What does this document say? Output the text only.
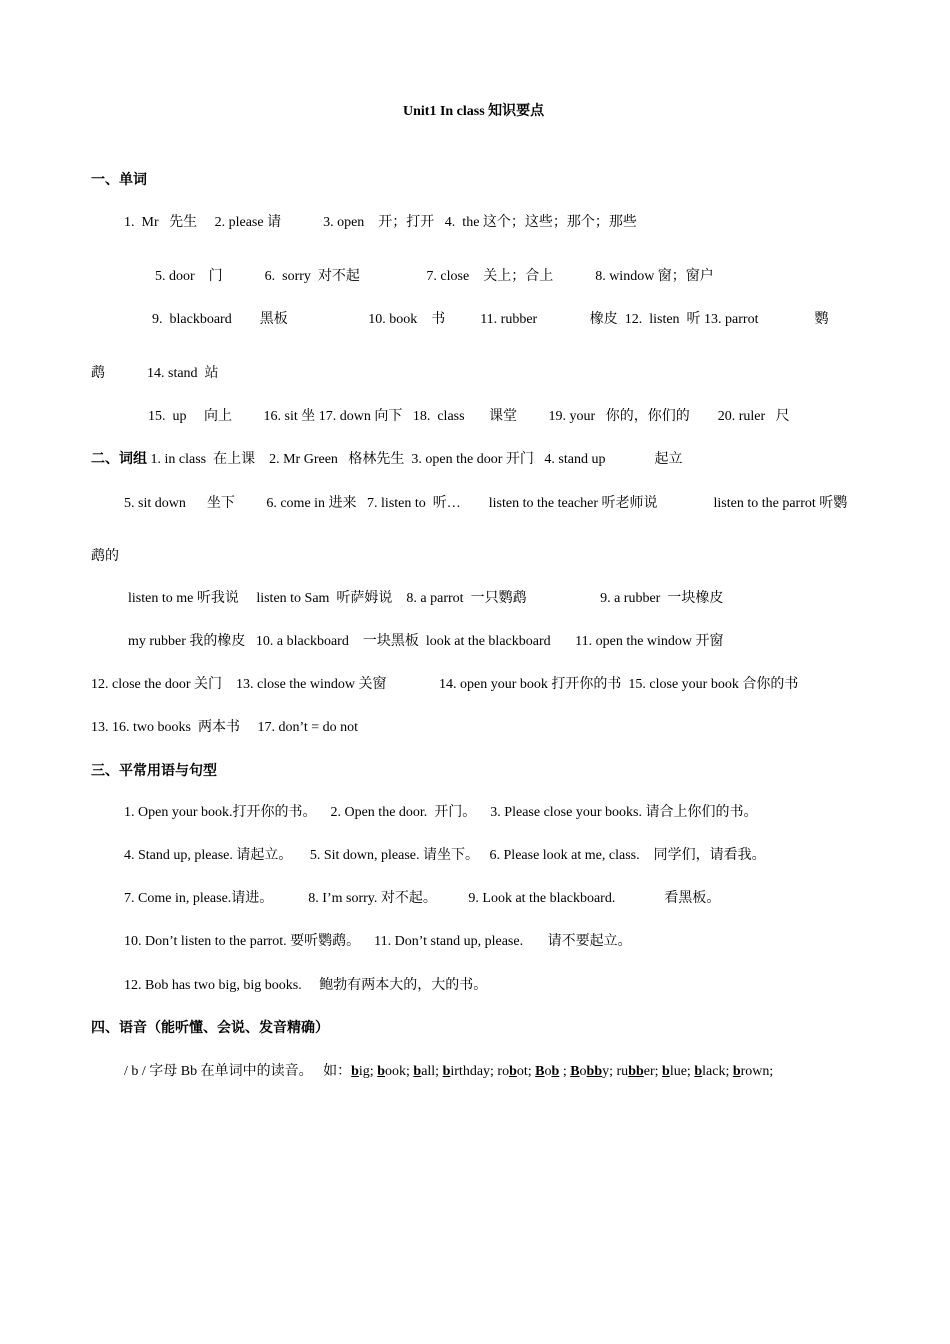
Unit1 In class 知识要点
一、单词
1.  Mr   先生     2. please 请            3. open    开；打开   4.  the 这个；这些；那个；那些
5. door    门            6.  sorry  对不起                   7. close    关上；合上            8. window 窗；窗户
9.  blackboard        黑板                       10. book    书          11. rubber               橡皮  12.  listen  听 13. parrot                鹦
鹉            14. stand  站
15.  up     向上         16. sit 坐 17. down 向下   18.  class       课堂         19. your   你的，你们的        20. ruler   尺
二、词组 1. in class  在上课    2. Mr Green   格林先生  3. open the door 开门   4. stand up              起立
5. sit down      坐下         6. come in 进来   7. listen to  听…        listen to the teacher 听老师说                listen to the parrot 听鹦
鹉的
listen to me 听我说     listen to Sam  听萨姆说    8. a parrot  一只鹦鹉                     9. a rubber  一块橡皮
my rubber 我的橡皮   10. a blackboard    一块黑板  look at the blackboard       11. open the window 开窗
12. close the door 关门    13. close the window 关窗               14. open your book 打开你的书  15. close your book 合你的书
13. 16. two books  两本书     17. don’t = do not
三、平常用语与句型
1. Open your book.打开你的书。    2. Open the door.  开门。    3. Please close your books. 请合上你们的书。
4. Stand up, please. 请起立。     5. Sit down, please. 请坐下。   6. Please look at me, class.    同学们，请看我。
7. Come in, please.请进。          8. I’m sorry. 对不起。         9. Look at the blackboard.              看黑板。
10. Don’t listen to the parrot. 要听鹦鹉。    11. Don’t stand up, please.       请不要起立。
12. Bob has two big, big books.     鲍勃有两本大的，大的书。
四、语音（能听懂、会说、发音精确）
/ b / 字母 Bb 在单词中的读音。   如：big; book; ball; birthday; robot; Bob ; Bobby; rubber; blue; black; brown;
